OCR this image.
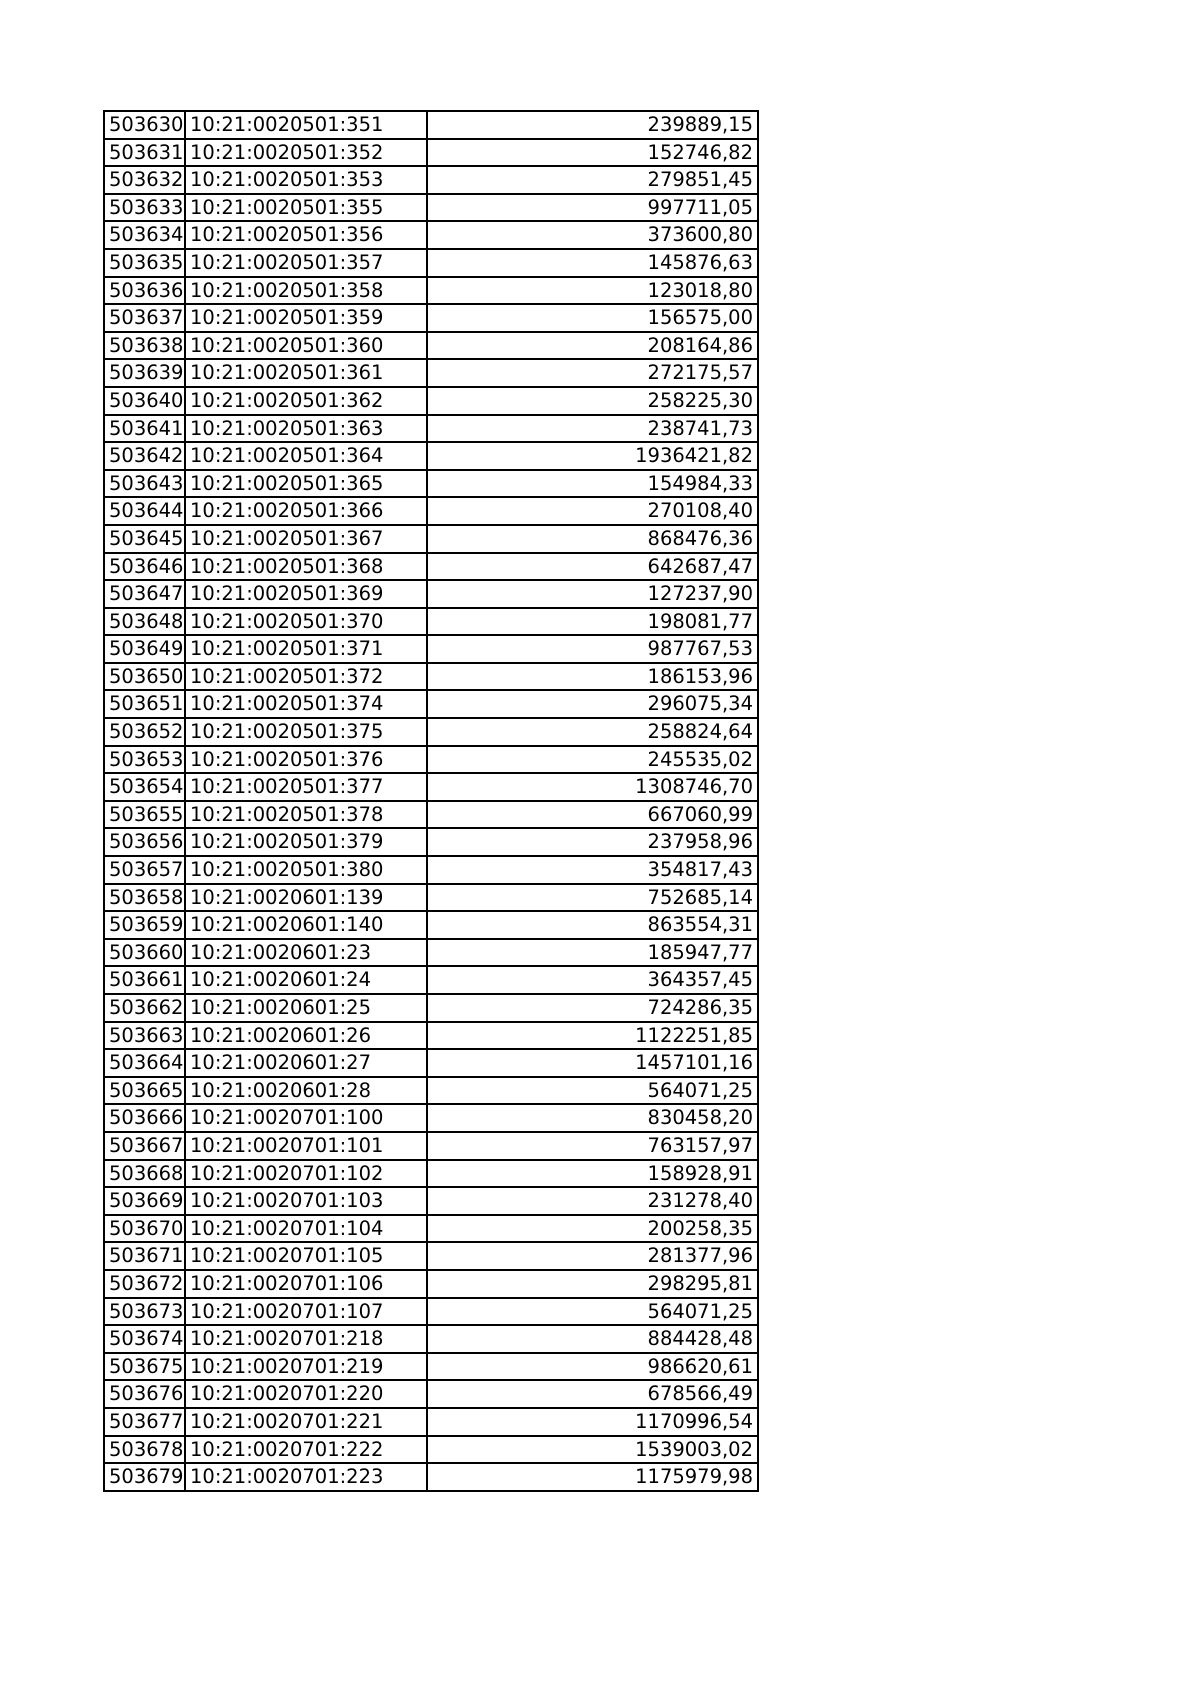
503630	10:21:0020501:351	239889,15
503631	10:21:0020501:352	152746,82
503632	10:21:0020501:353	279851,45
503633	10:21:0020501:355	997711,05
503634	10:21:0020501:356	373600,80
503635	10:21:0020501:357	145876,63
503636	10:21:0020501:358	123018,80
503637	10:21:0020501:359	156575,00
503638	10:21:0020501:360	208164,86
503639	10:21:0020501:361	272175,57
503640	10:21:0020501:362	258225,30
503641	10:21:0020501:363	238741,73
503642	10:21:0020501:364	1936421,82
503643	10:21:0020501:365	154984,33
503644	10:21:0020501:366	270108,40
503645	10:21:0020501:367	868476,36
503646	10:21:0020501:368	642687,47
503647	10:21:0020501:369	127237,90
503648	10:21:0020501:370	198081,77
503649	10:21:0020501:371	987767,53
503650	10:21:0020501:372	186153,96
503651	10:21:0020501:374	296075,34
503652	10:21:0020501:375	258824,64
503653	10:21:0020501:376	245535,02
503654	10:21:0020501:377	1308746,70
503655	10:21:0020501:378	667060,99
503656	10:21:0020501:379	237958,96
503657	10:21:0020501:380	354817,43
503658	10:21:0020601:139	752685,14
503659	10:21:0020601:140	863554,31
503660	10:21:0020601:23	185947,77
503661	10:21:0020601:24	364357,45
503662	10:21:0020601:25	724286,35
503663	10:21:0020601:26	1122251,85
503664	10:21:0020601:27	1457101,16
503665	10:21:0020601:28	564071,25
503666	10:21:0020701:100	830458,20
503667	10:21:0020701:101	763157,97
503668	10:21:0020701:102	158928,91
503669	10:21:0020701:103	231278,40
503670	10:21:0020701:104	200258,35
503671	10:21:0020701:105	281377,96
503672	10:21:0020701:106	298295,81
503673	10:21:0020701:107	564071,25
503674	10:21:0020701:218	884428,48
503675	10:21:0020701:219	986620,61
503676	10:21:0020701:220	678566,49
503677	10:21:0020701:221	1170996,54
503678	10:21:0020701:222	1539003,02
503679	10:21:0020701:223	1175979,98
